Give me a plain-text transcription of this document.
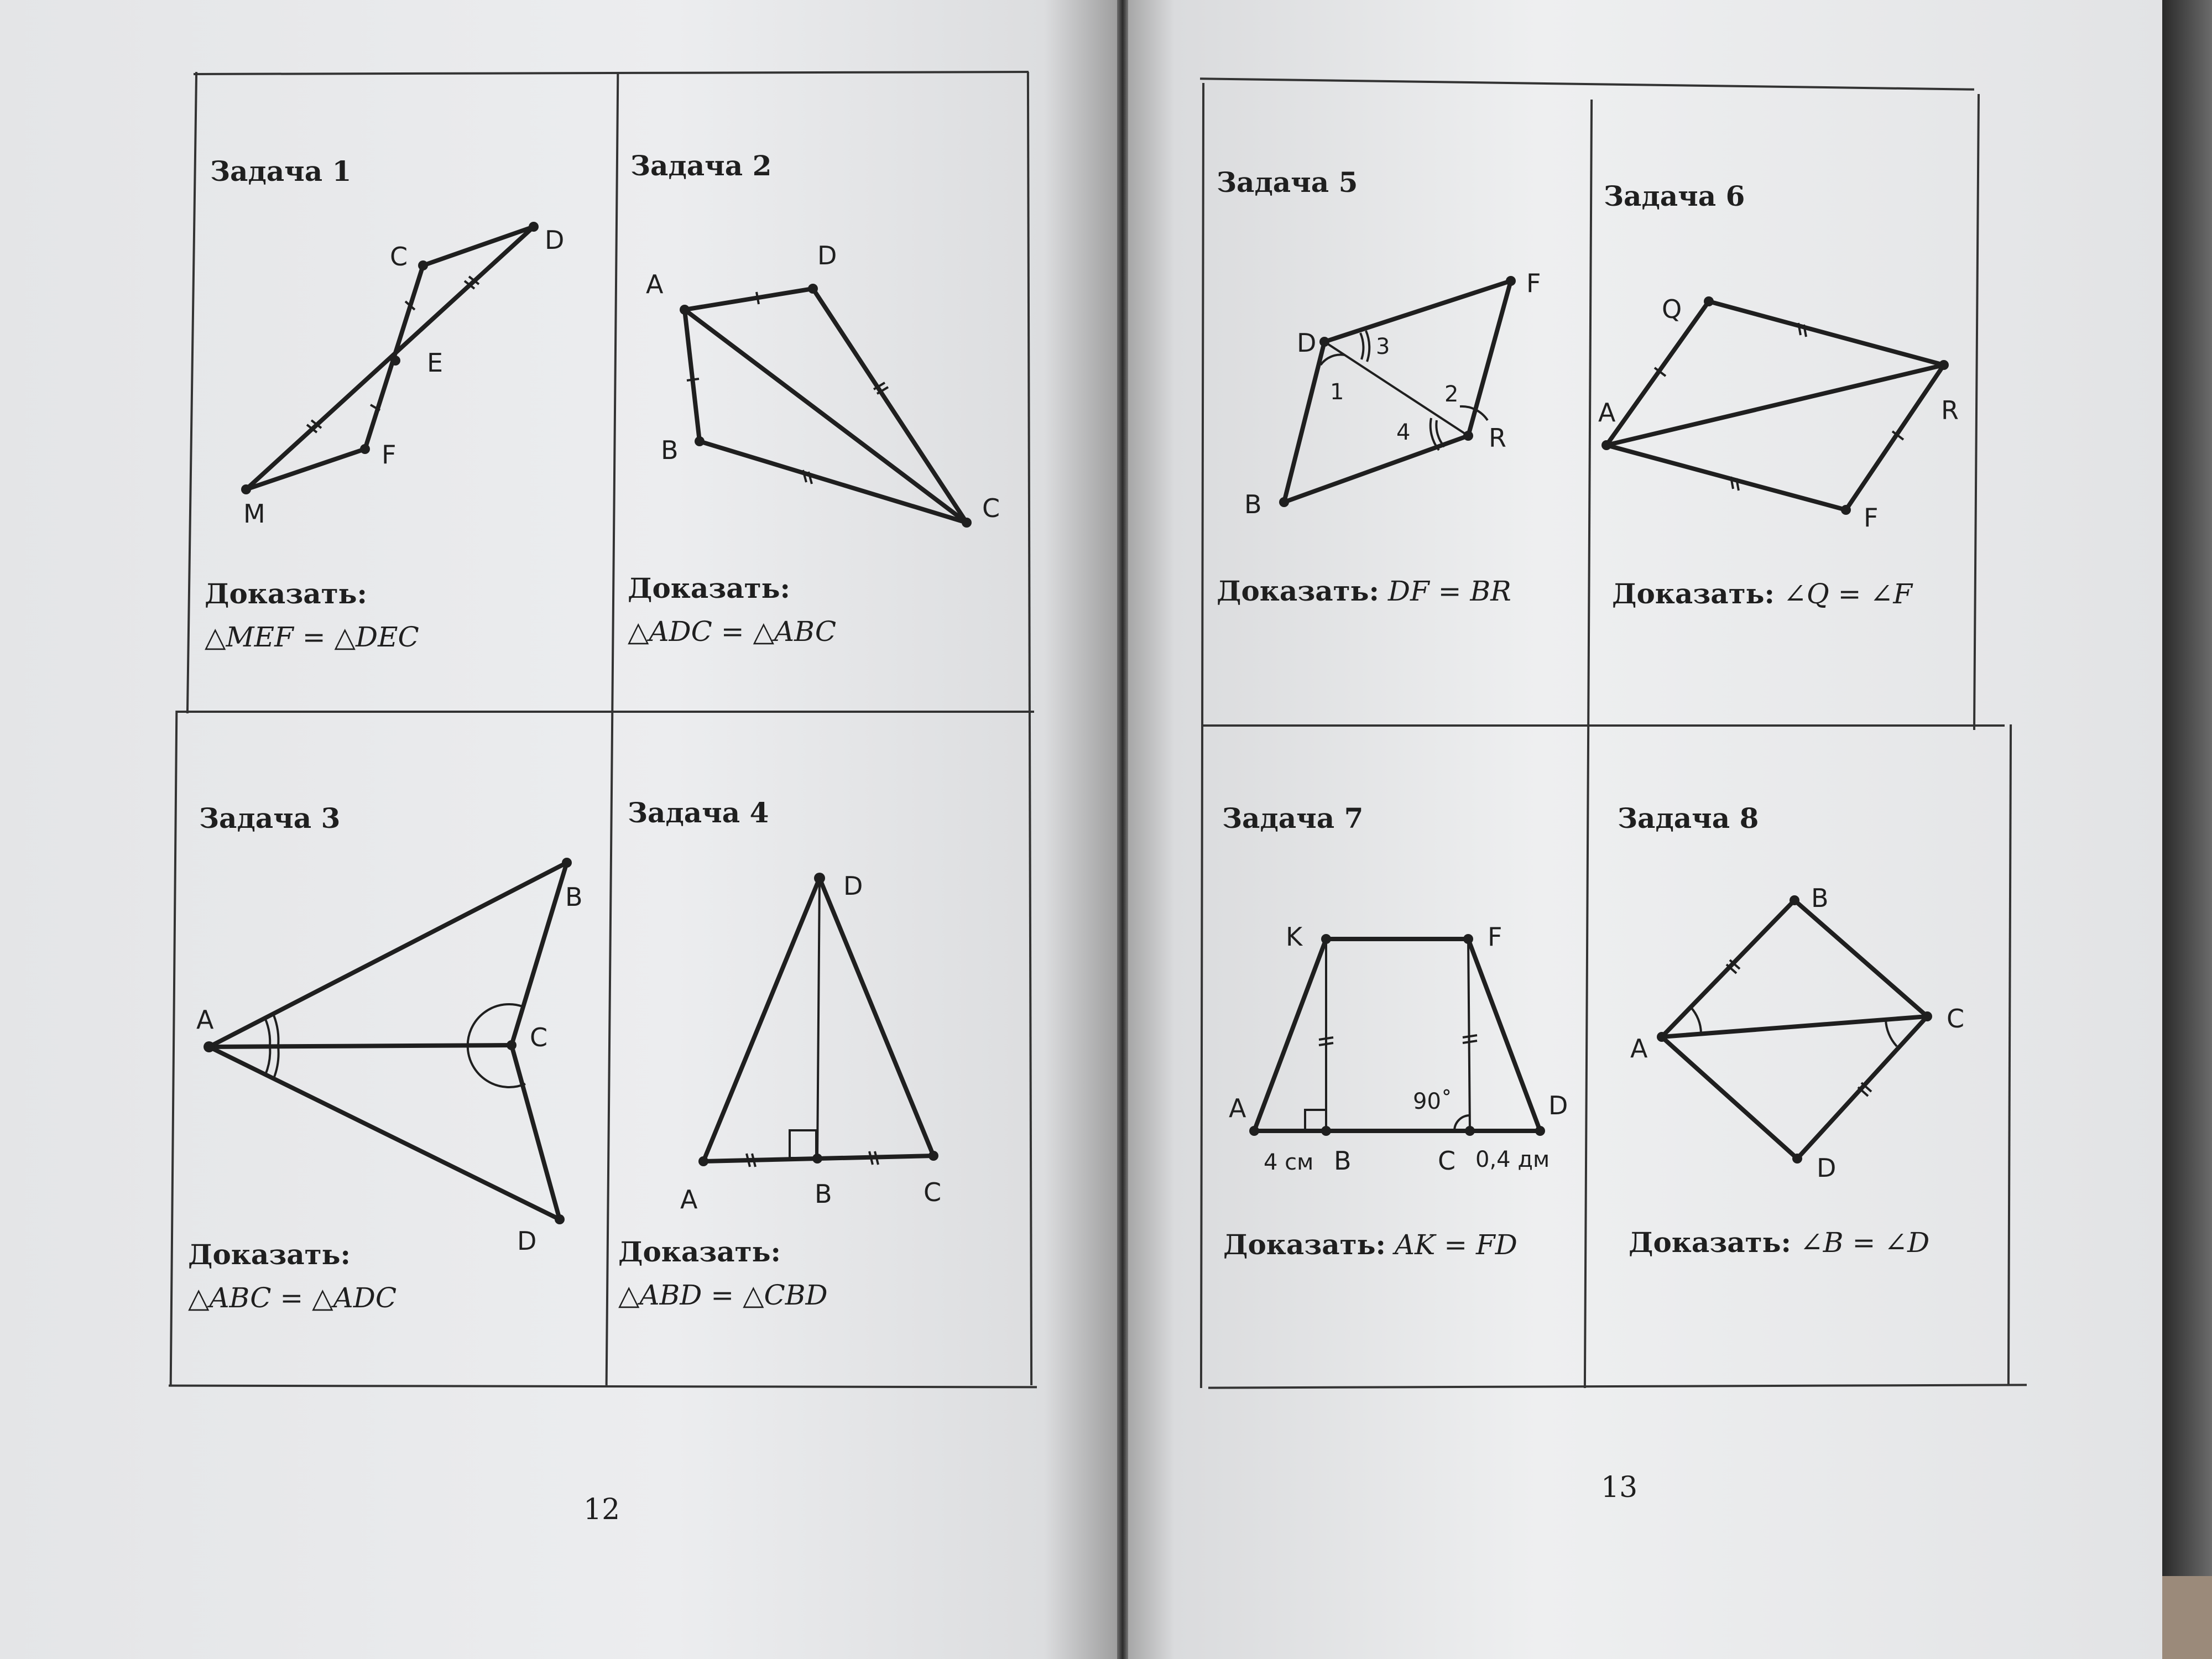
Задача 1
C
D
E
F
M
Доказать:
△MEF = △DEC
Задача 2
A
D
B
C
Доказать:
△ADC = △ABC
Задача 3
A
B
C
D
Доказать:
△ABC = △ADC
Задача 4
D
A	B	C
Доказать:
△ABD = △CBD
12
Задача 5
D
F
R
B
1	2
3
4
Доказать: DF = BR
Задача 6
Q
A	R
F
Доказать: ∠Q = ∠F
Задача 7
K	F
A	D
B	C
90˚
4 см	0,4 дм
Доказать: AK = FD
Задача 8
B
A
C
D
Доказать: ∠B = ∠D
13
